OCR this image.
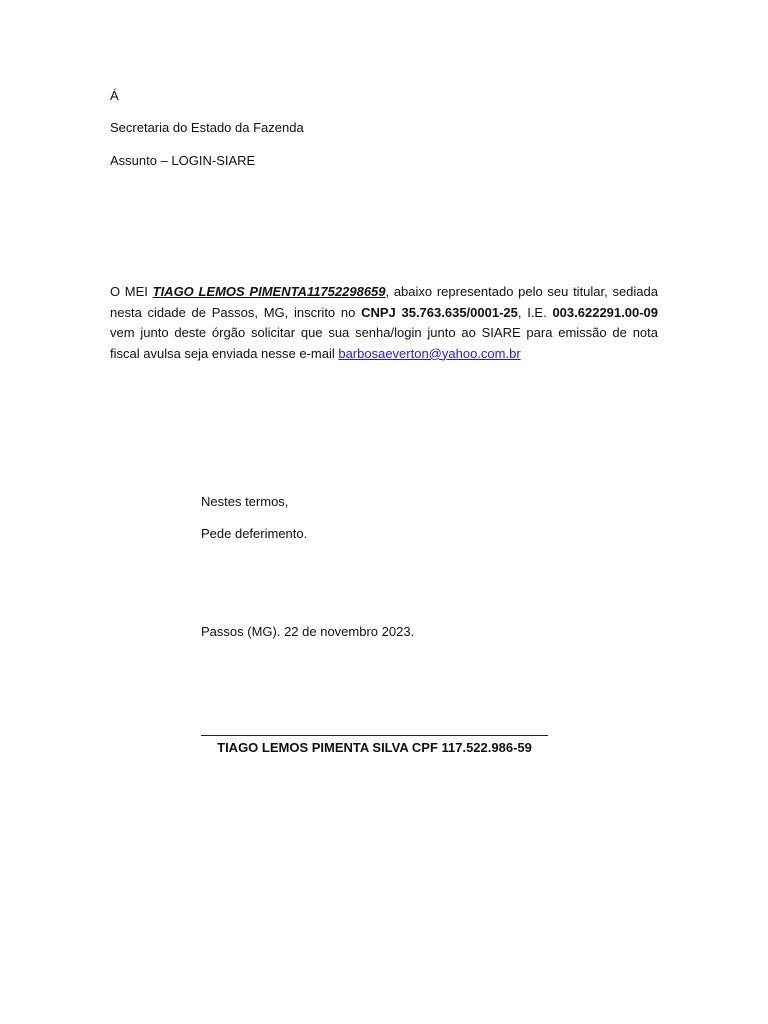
Á
Secretaria do Estado da Fazenda
Assunto – LOGIN-SIARE
O MEI TIAGO LEMOS PIMENTA11752298659, abaixo representado pelo seu titular, sediada nesta cidade de Passos, MG, inscrito no CNPJ 35.763.635/0001-25, I.E. 003.622291.00-09 vem junto deste órgão solicitar que sua senha/login junto ao SIARE para emissão de nota fiscal avulsa seja enviada nesse e-mail barbosaeverton@yahoo.com.br
Nestes termos,
Pede deferimento.
Passos (MG). 22 de novembro 2023.
TIAGO LEMOS PIMENTA SILVA CPF 117.522.986-59
